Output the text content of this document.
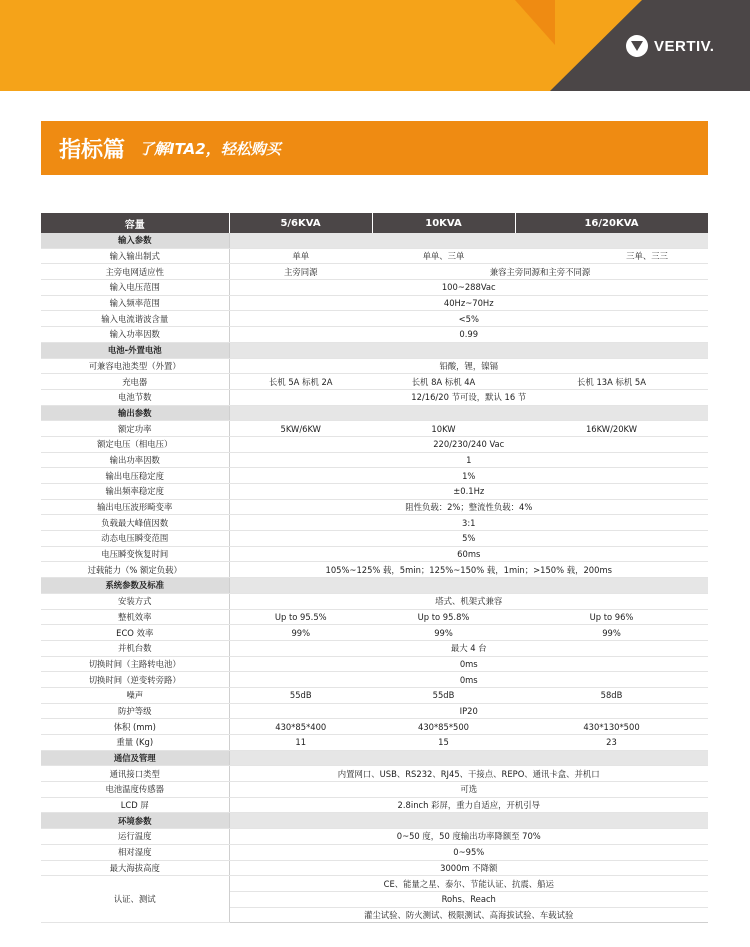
VERTIV.
指标篇 了解ITA2，轻松购买
容量	5/6KVA	10KVA	16/20KVA
输入参数			
输入输出制式	单单	单单、三单	三单、三三
主旁电网适应性	主旁同源	兼容主旁同源和主旁不同源	
输入电压范围	100~288Vac		
输入频率范围	40Hz~70Hz		
输入电流谐波含量	<5%		
输入功率因数	0.99		
电池-外置电池			
可兼容电池类型（外置）	铅酸，锂，镍镉		
充电器	长机 5A 标机 2A	长机 8A 标机 4A	长机 13A 标机 5A
电池节数	12/16/20 节可设，默认 16 节		
输出参数			
额定功率	5KW/6KW	10KW	16KW/20KW
额定电压（相电压）	220/230/240 Vac		
输出功率因数	1		
输出电压稳定度	1%		
输出频率稳定度	±0.1Hz		
输出电压波形畸变率	阻性负载：2%；整流性负载：4%		
负载最大峰值因数	3:1		
动态电压瞬变范围	5%		
电压瞬变恢复时间	60ms		
过载能力（% 额定负载）	105%~125% 载，5min；125%~150% 载，1min；>150% 载，200ms		
系统参数及标准			
安装方式	塔式、机架式兼容		
整机效率	Up to 95.5%	Up to 95.8%	Up to 96%
ECO 效率	99%	99%	99%
并机台数	最大 4 台		
切换时间（主路转电池）	0ms		
切换时间（逆变转旁路）	0ms		
噪声	55dB	55dB	58dB
防护等级	IP20		
体积 (mm)	430*85*400	430*85*500	430*130*500
重量 (Kg)	11	15	23
通信及管理			
通讯接口类型	内置网口、USB、RS232、RJ45、干接点、REPO、通讯卡盒、并机口		
电池温度传感器	可选		
LCD 屏	2.8inch 彩屏，重力自适应，开机引导		
环境参数			
运行温度	0~50 度，50 度输出功率降额至 70%		
相对湿度	0~95%		
最大海拔高度	3000m 不降额		
认证、测试	CE、能量之星、泰尔、节能认证、抗震、船运		
	Rohs、Reach		
	灌尘试验、防火测试、极限测试、高海拔试验、车载试验		
